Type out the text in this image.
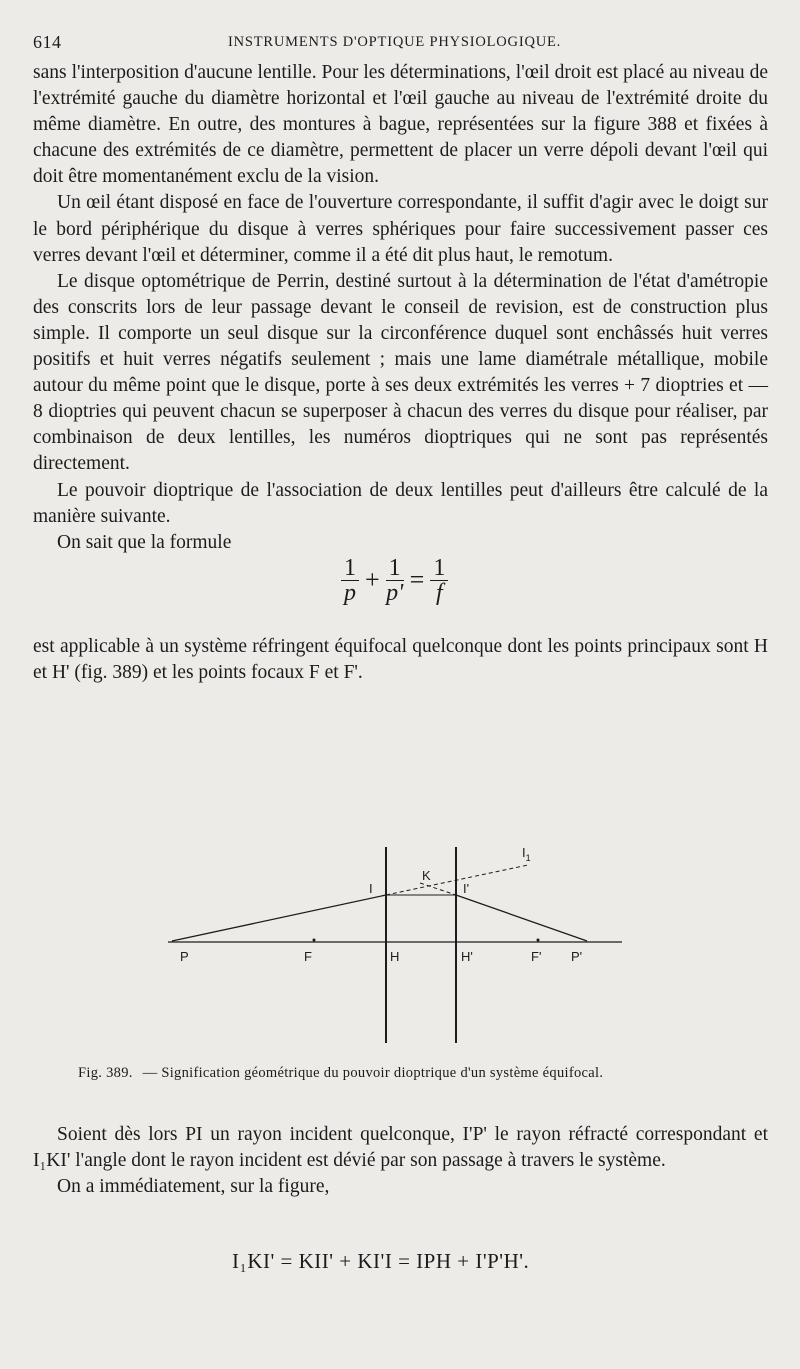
614	INSTRUMENTS D'OPTIQUE PHYSIOLOGIQUE.

sans l'interposition d'aucune lentille. Pour les déterminations, l'œil droit est placé au niveau de l'extrémité gauche du diamètre horizontal et l'œil gauche au niveau de l'extrémité droite du même diamètre. En outre, des montures à bague, représentées sur la figure 388 et fixées à chacune des extrémités de ce diamètre, permettent de placer un verre dépoli devant l'œil qui doit être momentanément exclu de la vision.

Un œil étant disposé en face de l'ouverture correspondante, il suffit d'agir avec le doigt sur le bord périphérique du disque à verres sphériques pour faire successivement passer ces verres devant l'œil et déterminer, comme il a été dit plus haut, le remotum.

Le disque optométrique de Perrin, destiné surtout à la détermination de l'état d'amétropie des conscrits lors de leur passage devant le conseil de revision, est de construction plus simple. Il comporte un seul disque sur la circonférence duquel sont enchâssés huit verres positifs et huit verres négatifs seulement ; mais une lame diamétrale métallique, mobile autour du même point que le disque, porte à ses deux extrémités les verres + 7 dioptries et — 8 dioptries qui peuvent chacun se superposer à chacun des verres du disque pour réaliser, par combinaison de deux lentilles, les numéros dioptriques qui ne sont pas représentés directement.

Le pouvoir dioptrique de l'association de deux lentilles peut d'ailleurs être calculé de la manière suivante.

On sait que la formule
$\frac{1}{p} + \frac{1}{p'} = \frac{1}{f}$

est applicable à un système réfringent équifocal quelconque dont les points principaux sont H et H' (fig. 389) et les points focaux F et F'.

P	F	H	H'	F' P'
I
K
I'
$I_1$
Fig. 389. — Signification géométrique du pouvoir dioptrique d'un système équifocal.

Soient dès lors PI un rayon incident quelconque, I'P' le rayon réfracté correspondant et I₁KI' l'angle dont le rayon incident est dévié par son passage à travers le système.

On a immédiatement, sur la figure,

I₁KI' = KII' + KI'I = IPH + I'P'H'.
